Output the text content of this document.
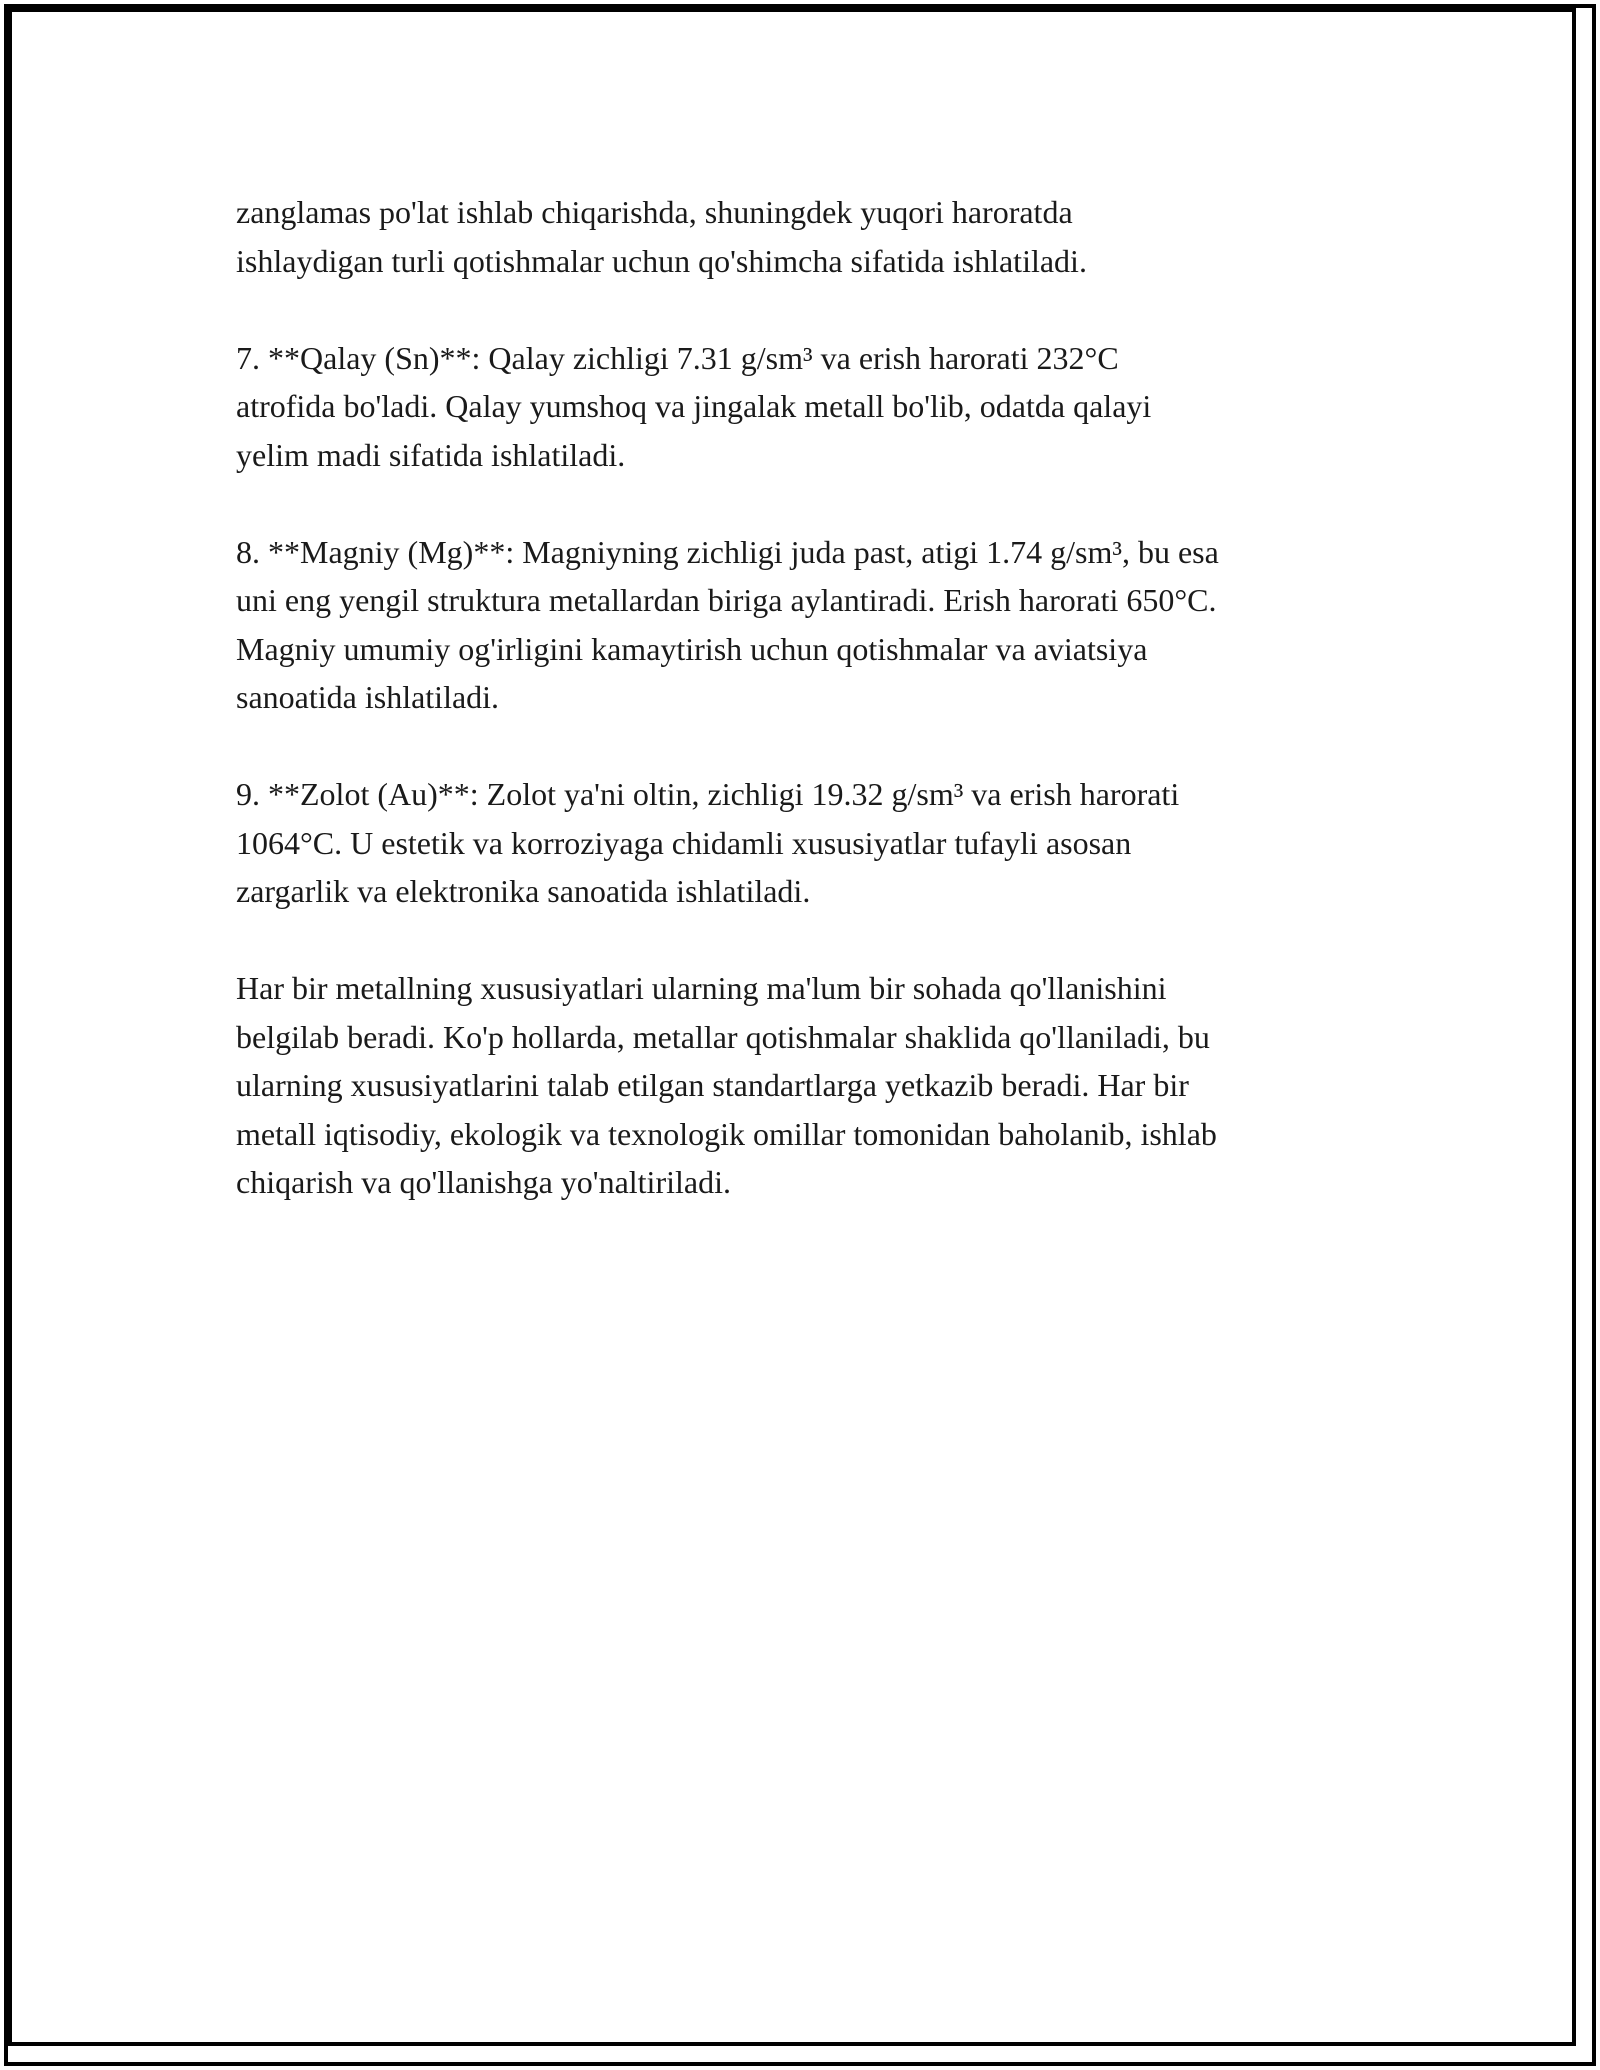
zanglamas po'lat ishlab chiqarishda, shuningdek yuqori haroratda
ishlaydigan turli qotishmalar uchun qo'shimcha sifatida ishlatiladi.

7. **Qalay (Sn)**: Qalay zichligi 7.31 g/sm³ va erish harorati 232°C
atrofida bo'ladi. Qalay yumshoq va jingalak metall bo'lib, odatda qalayi
yelim madi sifatida ishlatiladi.

8. **Magniy (Mg)**: Magniyning zichligi juda past, atigi 1.74 g/sm³, bu esa
uni eng yengil struktura metallardan biriga aylantiradi. Erish harorati 650°C.
Magniy umumiy og'irligini kamaytirish uchun qotishmalar va aviatsiya
sanoatida ishlatiladi.

9. **Zolot (Au)**: Zolot ya'ni oltin, zichligi 19.32 g/sm³ va erish harorati
1064°C. U estetik va korroziyaga chidamli xususiyatlar tufayli asosan
zargarlik va elektronika sanoatida ishlatiladi.

Har bir metallning xususiyatlari ularning ma'lum bir sohada qo'llanishini
belgilab beradi. Ko'p hollarda, metallar qotishmalar shaklida qo'llaniladi, bu
ularning xususiyatlarini talab etilgan standartlarga yetkazib beradi. Har bir
metall iqtisodiy, ekologik va texnologik omillar tomonidan baholanib, ishlab
chiqarish va qo'llanishga yo'naltiriladi.
